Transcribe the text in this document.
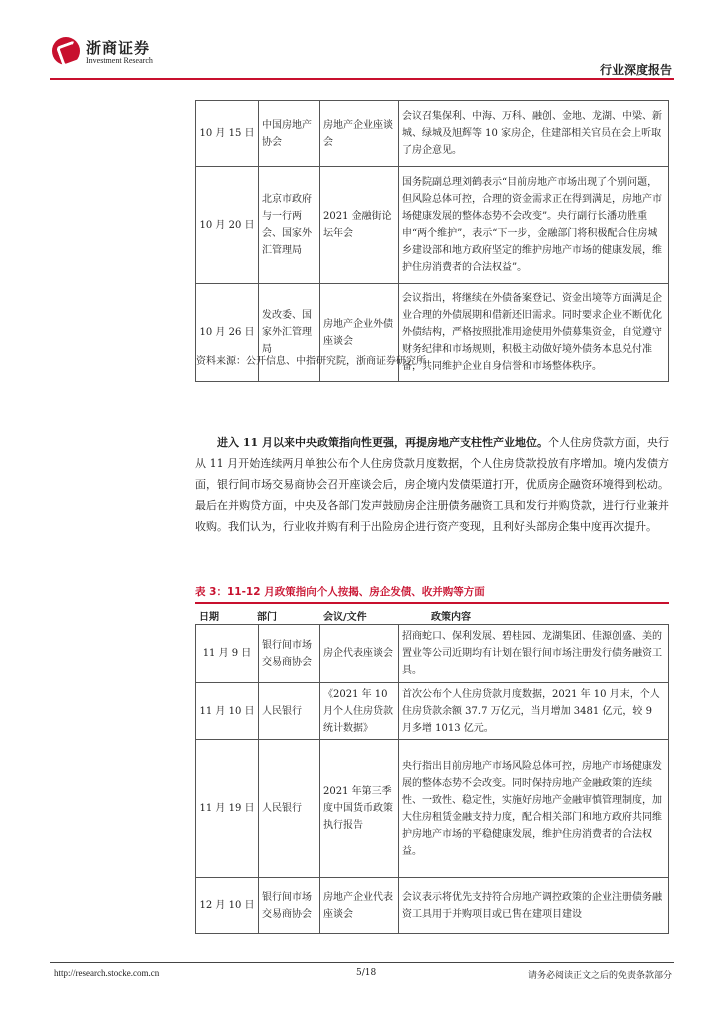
浙商证券
Investment Research
行业深度报告
10 月 15 日	中国房地产协会	房地产企业座谈会	会议召集保利、中海、万科、融创、金地、龙湖、中梁、新城、绿城及旭辉等 10 家房企，住建部相关官员在会上听取了房企意见。
10 月 20 日	北京市政府与一行两会、国家外汇管理局	2021 金融街论坛年会	国务院副总理刘鹤表示“目前房地产市场出现了个别问题，但风险总体可控，合理的资金需求正在得到满足，房地产市场健康发展的整体态势不会改变”。央行副行长潘功胜重申“两个维护”，表示“下一步，金融部门将积极配合住房城乡建设部和地方政府坚定的维护房地产市场的健康发展，维护住房消费者的合法权益”。
10 月 26 日	发改委、国家外汇管理局	房地产企业外债座谈会	会议指出，将继续在外债备案登记、资金出境等方面满足企业合理的外债展期和借新还旧需求。同时要求企业不断优化外债结构，严格按照批准用途使用外债募集资金，自觉遵守财务纪律和市场规则，积极主动做好境外债务本息兑付准备，共同维护企业自身信誉和市场整体秩序。
资料来源：公开信息、中指研究院，浙商证券研究所
进入 11 月以来中央政策指向性更强，再提房地产支柱性产业地位。个人住房贷款方面，央行从 11 月开始连续两月单独公布个人住房贷款月度数据，个人住房贷款投放有序增加。境内发债方面，银行间市场交易商协会召开座谈会后，房企境内发债渠道打开，优质房企融资环境得到松动。最后在并购贷方面，中央及各部门发声鼓励房企注册债务融资工具和发行并购贷款，进行行业兼并收购。我们认为，行业收并购有利于出险房企进行资产变现，且利好头部房企集中度再次提升。
表 3：11-12 月政策指向个人按揭、房企发债、收并购等方面
日期	部门	会议/文件	政策内容
11 月 9 日	银行间市场交易商协会	房企代表座谈会	招商蛇口、保利发展、碧桂园、龙湖集团、佳源创盛、美的置业等公司近期均有计划在银行间市场注册发行债务融资工具。
11 月 10 日	人民银行	《2021 年 10 月个人住房贷款统计数据》	首次公布个人住房贷款月度数据，2021 年 10 月末，个人住房贷款余额 37.7 万亿元，当月增加 3481 亿元，较 9 月多增 1013 亿元。
11 月 19 日	人民银行	2021 年第三季度中国货币政策执行报告	央行指出目前房地产市场风险总体可控，房地产市场健康发展的整体态势不会改变。同时保持房地产金融政策的连续性、一致性、稳定性，实施好房地产金融审慎管理制度，加大住房租赁金融支持力度，配合相关部门和地方政府共同维护房地产市场的平稳健康发展，维护住房消费者的合法权益。
12 月 10 日	银行间市场交易商协会	房地产企业代表座谈会	会议表示将优先支持符合房地产调控政策的企业注册债务融资工具用于并购项目或已售在建项目建设
http://research.stocke.com.cn	5/18	请务必阅读正文之后的免责条款部分
